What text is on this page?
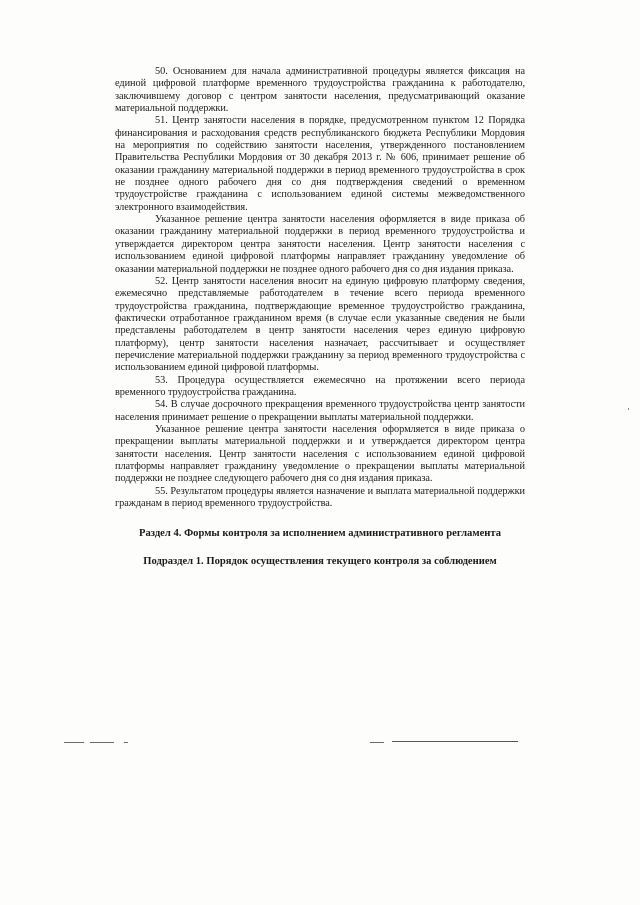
50. Основанием для начала административной процедуры является фиксация на единой цифровой платформе временного трудоустройства гражданина к работодателю, заключившему договор с центром занятости населения, предусматривающий оказание материальной поддержки.

51. Центр занятости населения в порядке, предусмотренном пунктом 12 Порядка финансирования и расходования средств республиканского бюджета Республики Мордовия на мероприятия по содействию занятости населения, утвержденного постановлением Правительства Республики Мордовия от 30 декабря 2013 г. № 606, принимает решение об оказании гражданину материальной поддержки в период временного трудоустройства в срок не позднее одного рабочего дня со дня подтверждения сведений о временном трудоустройстве гражданина с использованием единой системы межведомственного электронного взаимодействия.

Указанное решение центра занятости населения оформляется в виде приказа об оказании гражданину материальной поддержки в период временного трудоустройства и утверждается директором центра занятости населения. Центр занятости населения с использованием единой цифровой платформы направляет гражданину уведомление об оказании материальной поддержки не позднее одного рабочего дня со дня издания приказа.

52. Центр занятости населения вносит на единую цифровую платформу сведения, ежемесячно представляемые работодателем в течение всего периода временного трудоустройства гражданина, подтверждающие временное трудоустройство гражданина, фактически отработанное гражданином время (в случае если указанные сведения не были представлены работодателем в центр занятости населения через единую цифровую платформу), центр занятости населения назначает, рассчитывает и осуществляет перечисление материальной поддержки гражданину за период временного трудоустройства с использованием единой цифровой платформы.

53. Процедура осуществляется ежемесячно на протяжении всего периода временного трудоустройства гражданина.

54. В случае досрочного прекращения временного трудоустройства центр занятости населения принимает решение о прекращении выплаты материальной поддержки.

Указанное решение центра занятости населения оформляется в виде приказа о прекращении выплаты материальной поддержки и и утверждается директором центра занятости населения. Центр занятости населения с использованием единой цифровой платформы направляет гражданину уведомление о прекращении выплаты материальной поддержки не позднее следующего рабочего дня со дня издания приказа.

55. Результатом процедуры является назначение и выплата материальной поддержки гражданам в период временного трудоустройства.

Раздел 4. Формы контроля за исполнением административного регламента
Подраздел 1. Порядок осуществления текущего контроля за соблюдением
